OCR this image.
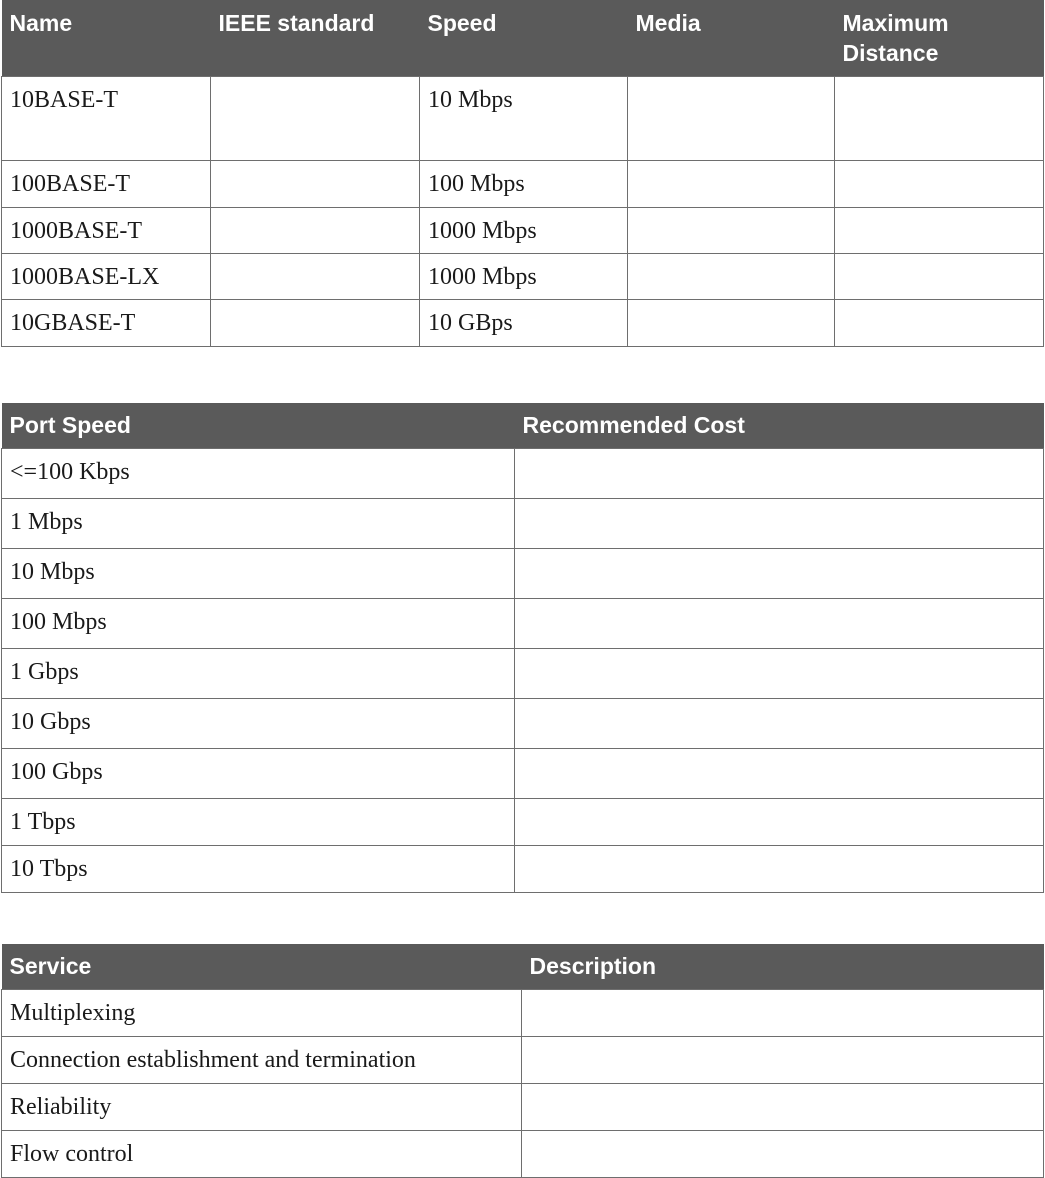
Name	IEEE standard	Speed	Media	Maximum Distance
10BASE-T		10 Mbps		
100BASE-T		100 Mbps		
1000BASE-T		1000 Mbps		
1000BASE-LX		1000 Mbps		
10GBASE-T		10 GBps		
Port Speed	Recommended Cost
<=100 Kbps	
1 Mbps	
10 Mbps	
100 Mbps	
1 Gbps	
10 Gbps	
100 Gbps	
1 Tbps	
10 Tbps	
Service	Description
Multiplexing	
Connection establishment and termination	
Reliability	
Flow control	
